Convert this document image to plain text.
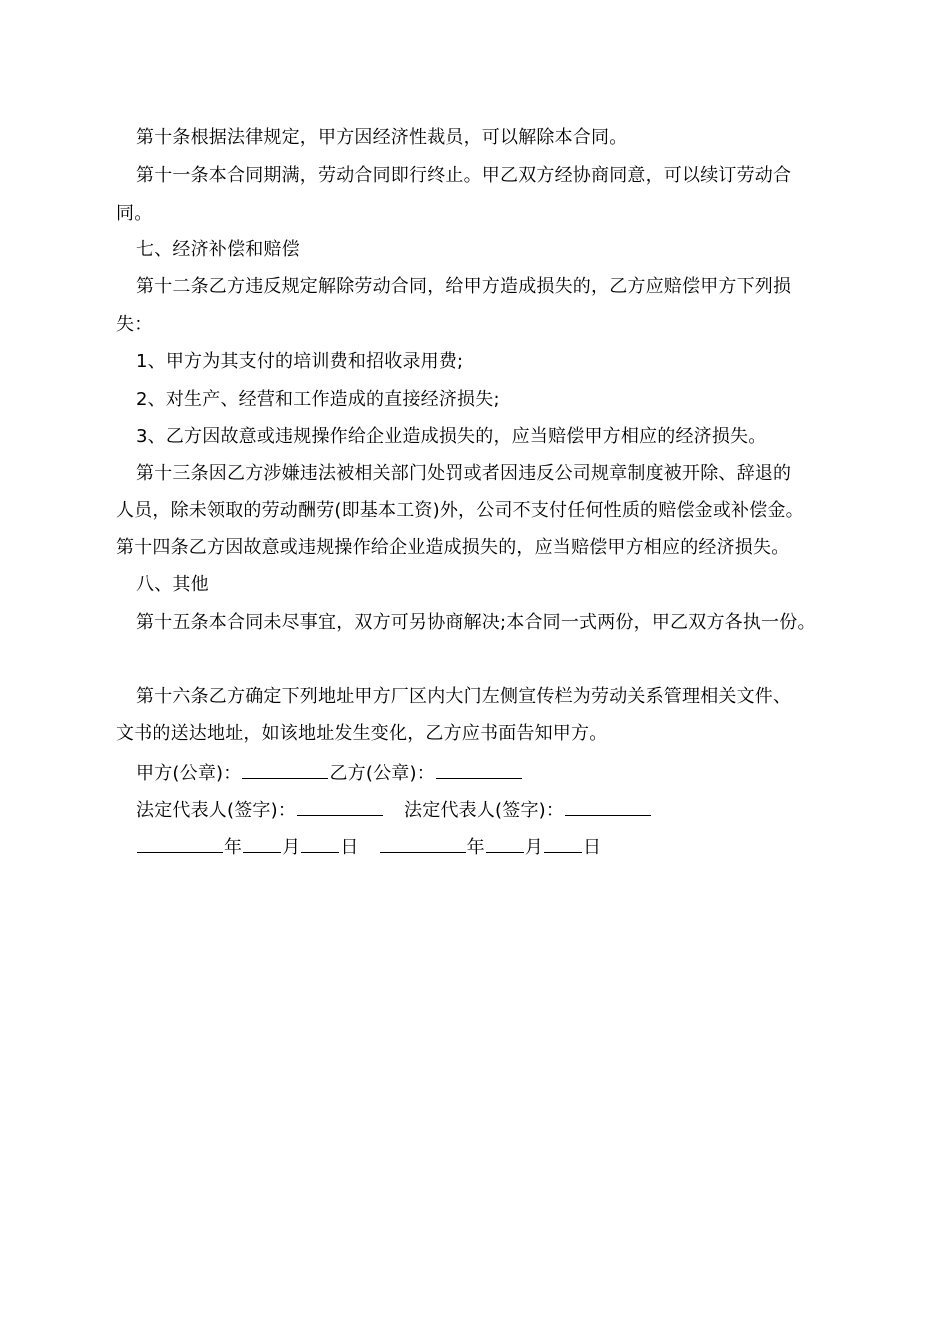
第十条根据法律规定，甲方因经济性裁员，可以解除本合同。
第十一条本合同期满，劳动合同即行终止。甲乙双方经协商同意，可以续订劳动合
同。
七、经济补偿和赔偿
第十二条乙方违反规定解除劳动合同，给甲方造成损失的，乙方应赔偿甲方下列损
失：
1、甲方为其支付的培训费和招收录用费;
2、对生产、经营和工作造成的直接经济损失;
3、乙方因故意或违规操作给企业造成损失的，应当赔偿甲方相应的经济损失。
第十三条因乙方涉嫌违法被相关部门处罚或者因违反公司规章制度被开除、辞退的
人员，除未领取的劳动酬劳(即基本工资)外，公司不支付任何性质的赔偿金或补偿金。
第十四条乙方因故意或违规操作给企业造成损失的，应当赔偿甲方相应的经济损失。
八、其他
第十五条本合同未尽事宜，双方可另协商解决;本合同一式两份，甲乙双方各执一份。
第十六条乙方确定下列地址甲方厂区内大门左侧宣传栏为劳动关系管理相关文件、
文书的送达地址，如该地址发生变化，乙方应书面告知甲方。
甲方(公章)：	乙方(公章)：
法定代表人(签字)：	法定代表人(签字)：
年 月 日	年 月 日
